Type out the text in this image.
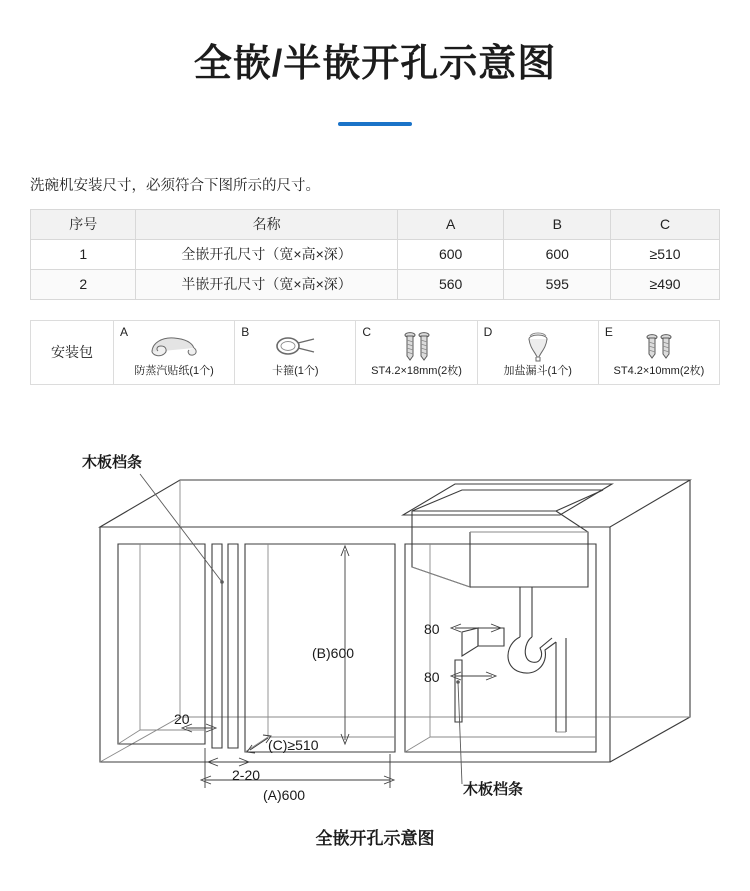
全嵌/半嵌开孔示意图
洗碗机安装尺寸，必须符合下图所示的尺寸。
序号	名称	A	B	C
1	全嵌开孔尺寸（宽×高×深）	600	600	≥510
2	半嵌开孔尺寸（宽×高×深）	560	595	≥490
安装包
A
防蒸汽贴纸(1个)
B
卡箍(1个)
C
ST4.2×18mm(2枚)
D
加盐漏斗(1个)
E
ST4.2×10mm(2枚)
(B)600
(C)≥510
(A)600
2-20
20
80
80
木板档条
木板档条
全嵌开孔示意图
